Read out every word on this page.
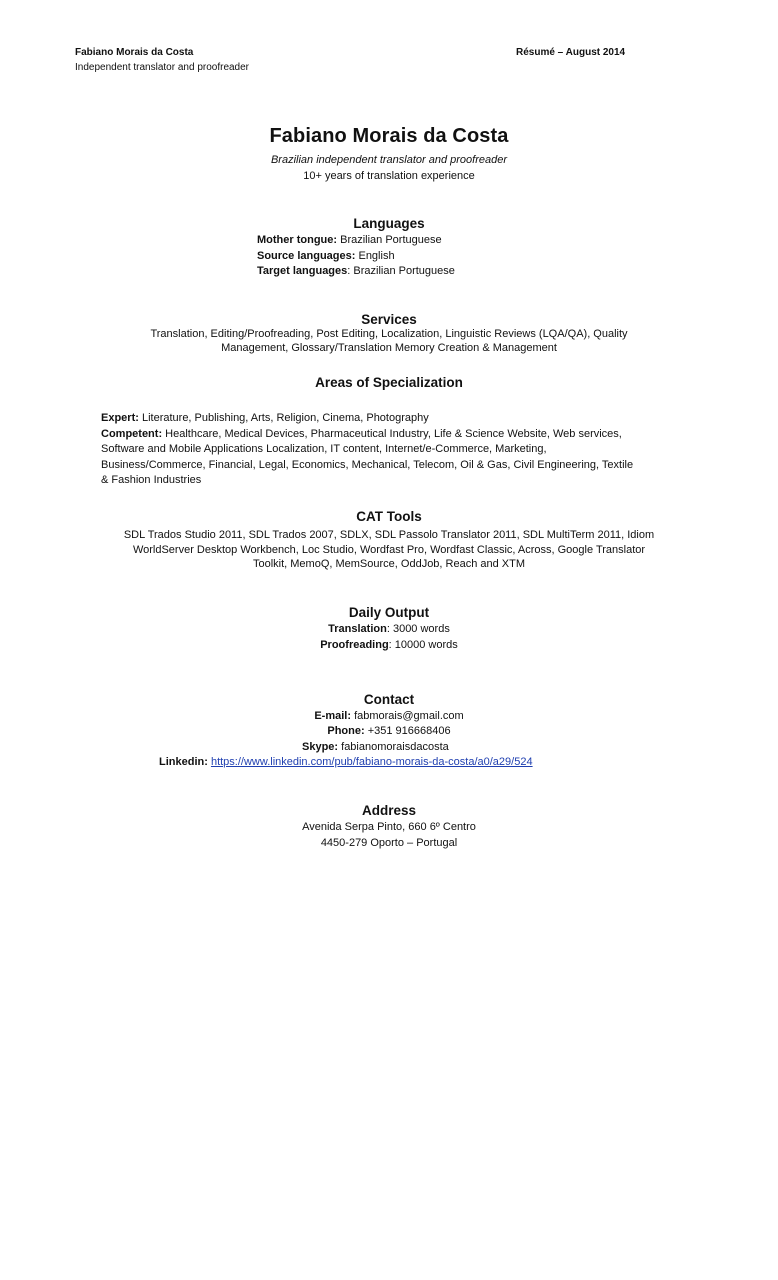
Fabiano Morais da Costa
Independent translator and proofreader
Résumé – August 2014
Fabiano Morais da Costa
Brazilian independent translator and proofreader
10+ years of translation experience
Languages
Mother tongue: Brazilian Portuguese
Source languages: English
Target languages: Brazilian Portuguese
Services
Translation, Editing/Proofreading, Post Editing, Localization, Linguistic Reviews (LQA/QA), Quality
Management, Glossary/Translation Memory Creation & Management
Areas of Specialization
Expert: Literature, Publishing, Arts, Religion, Cinema, Photography
Competent: Healthcare, Medical Devices, Pharmaceutical Industry, Life & Science Website, Web services,
Software and Mobile Applications Localization, IT content, Internet/e-Commerce, Marketing,
Business/Commerce, Financial, Legal, Economics, Mechanical, Telecom, Oil & Gas, Civil Engineering, Textile
& Fashion Industries
CAT Tools
SDL Trados Studio 2011, SDL Trados 2007, SDLX, SDL Passolo Translator 2011, SDL MultiTerm 2011, Idiom
WorldServer Desktop Workbench, Loc Studio, Wordfast Pro, Wordfast Classic, Across, Google Translator
Toolkit, MemoQ, MemSource, OddJob, Reach and XTM
Daily Output
Translation: 3000 words
Proofreading: 10000 words
Contact
E-mail: fabmorais@gmail.com
Phone: +351 916668406
Skype: fabianomoraisdacosta
Linkedin: https://www.linkedin.com/pub/fabiano-morais-da-costa/a0/a29/524
Address
Avenida Serpa Pinto, 660 6º Centro
4450-279 Oporto – Portugal
